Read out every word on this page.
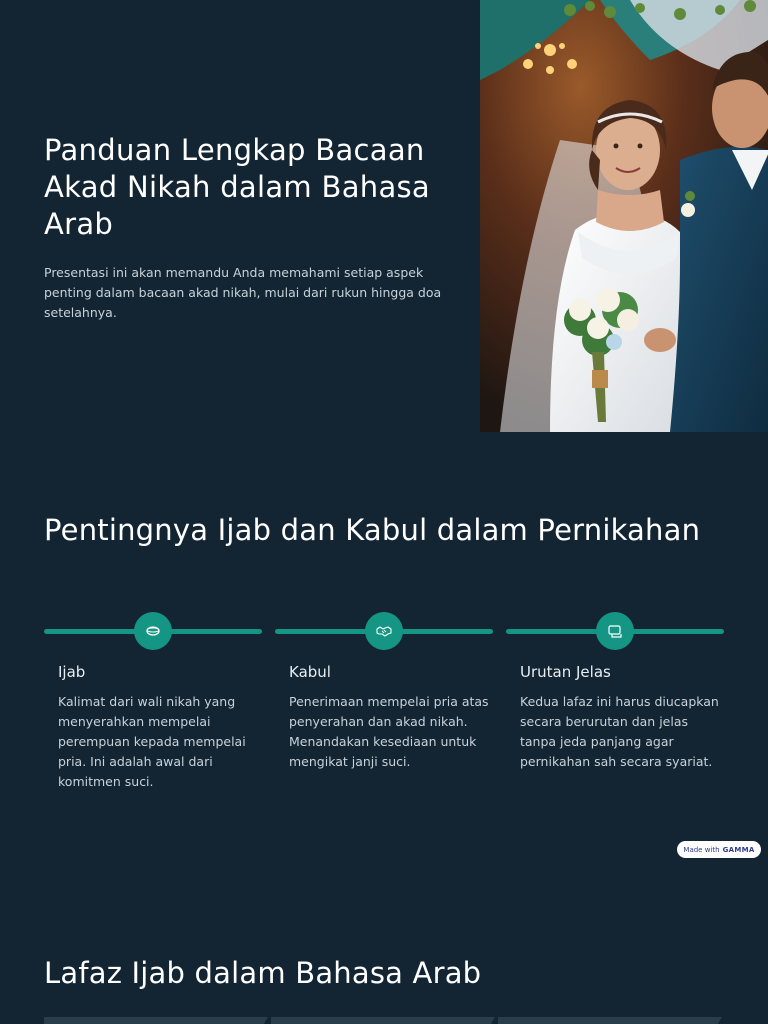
Panduan Lengkap Bacaan Akad Nikah dalam Bahasa Arab

Presentasi ini akan memandu Anda memahami setiap aspek penting dalam bacaan akad nikah, mulai dari rukun hingga doa setelahnya.

Pentingnya Ijab dan Kabul dalam Pernikahan
Ijab

Kalimat dari wali nikah yang menyerahkan mempelai perempuan kepada mempelai pria. Ini adalah awal dari komitmen suci.

Kabul

Penerimaan mempelai pria atas penyerahan dan akad nikah. Menandakan kesediaan untuk mengikat janji suci.

Urutan Jelas

Kedua lafaz ini harus diucapkan secara berurutan dan jelas tanpa jeda panjang agar pernikahan sah secara syariat.

Made with GAMMA
Lafaz Ijab dalam Bahasa Arab
